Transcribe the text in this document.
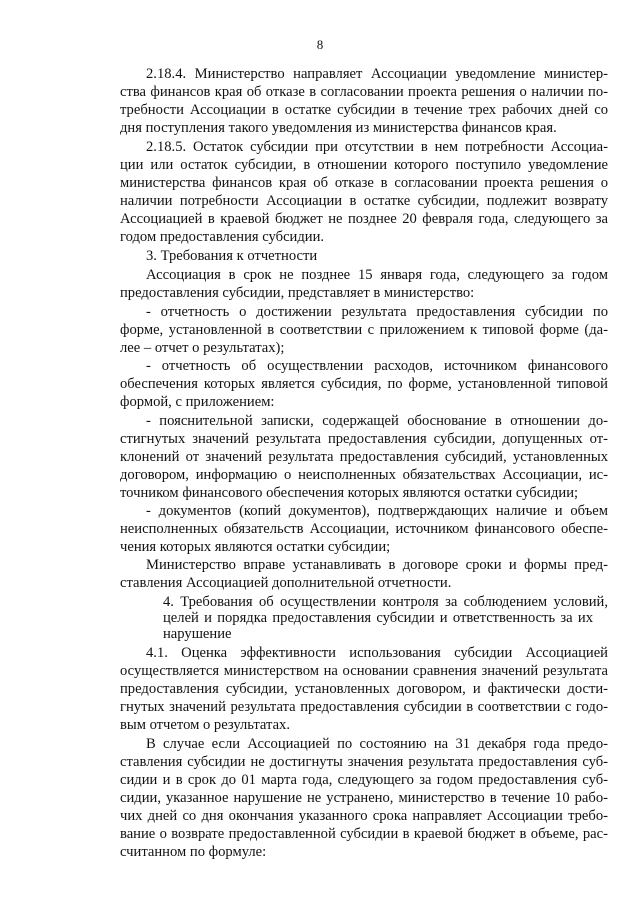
8
2.18.4. Министерство направляет Ассоциации уведомление министер-
ства финансов края об отказе в согласовании проекта решения о наличии по-
требности Ассоциации в остатке субсидии в течение трех рабочих дней со
дня поступления такого уведомления из министерства финансов края.
2.18.5. Остаток субсидии при отсутствии в нем потребности Ассоциа-
ции или остаток субсидии, в отношении которого поступило уведомление
министерства финансов края об отказе в согласовании проекта решения о
наличии потребности Ассоциации в остатке субсидии, подлежит возврату
Ассоциацией в краевой бюджет не позднее 20 февраля года, следующего за
годом предоставления субсидии.
3. Требования к отчетности
Ассоциация в срок не позднее 15 января года, следующего за годом
предоставления субсидии, представляет в министерство:
- отчетность о достижении результата предоставления субсидии по
форме, установленной в соответствии с приложением к типовой форме (да-
лее – отчет о результатах);
- отчетность об осуществлении расходов, источником финансового
обеспечения которых является субсидия, по форме, установленной типовой
формой, с приложением:
- пояснительной записки, содержащей обоснование в отношении до-
стигнутых значений результата предоставления субсидии, допущенных от-
клонений от значений результата предоставления субсидий, установленных
договором, информацию о неисполненных обязательствах Ассоциации, ис-
точником финансового обеспечения которых являются остатки субсидии;
- документов (копий документов), подтверждающих наличие и объем
неисполненных обязательств Ассоциации, источником финансового обеспе-
чения которых являются остатки субсидии;
Министерство вправе устанавливать в договоре сроки и формы пред-
ставления Ассоциацией дополнительной отчетности.
4. Требования об осуществлении контроля за соблюдением условий,
целей и порядка предоставления субсидии и ответственность за их
нарушение
4.1. Оценка эффективности использования субсидии Ассоциацией
осуществляется министерством на основании сравнения значений результата
предоставления субсидии, установленных договором, и фактически дости-
гнутых значений результата предоставления субсидии в соответствии с годо-
вым отчетом о результатах.
В случае если Ассоциацией по состоянию на 31 декабря года предо-
ставления субсидии не достигнуты значения результата предоставления суб-
сидии и в срок до 01 марта года, следующего за годом предоставления суб-
сидии, указанное нарушение не устранено, министерство в течение 10 рабо-
чих дней со дня окончания указанного срока направляет Ассоциации требо-
вание о возврате предоставленной субсидии в краевой бюджет в объеме, рас-
считанном по формуле:
